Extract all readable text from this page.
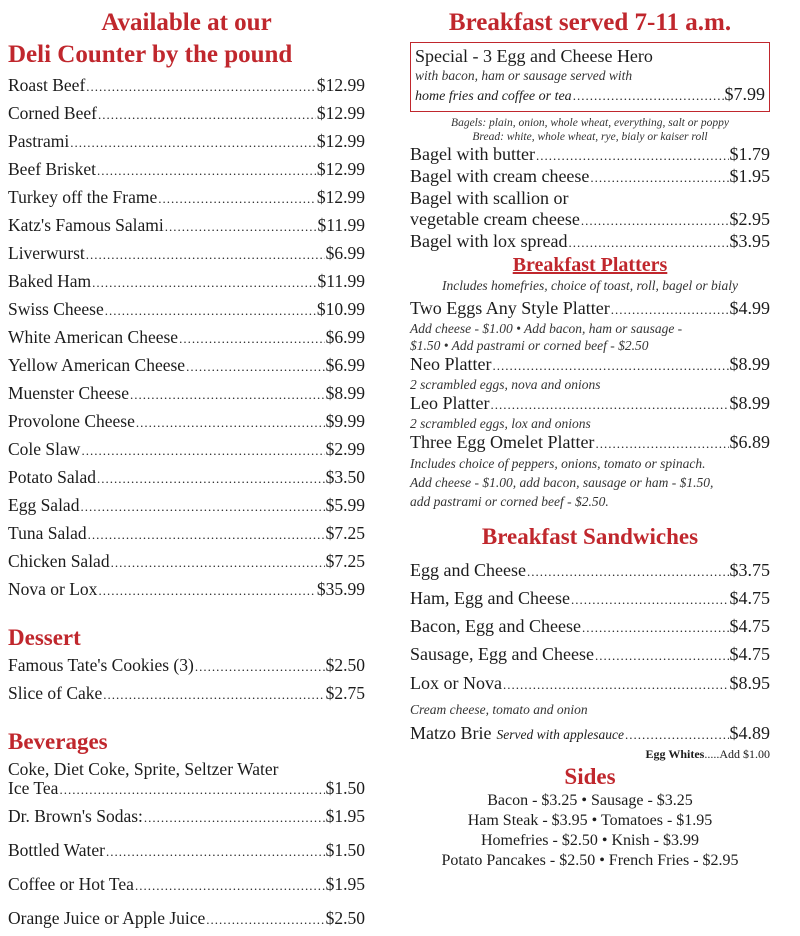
Available at our
Deli Counter by the pound
Roast Beef .....	$12.99
Corned Beef .....	$12.99
Pastrami .....	$12.99
Beef Brisket .....	$12.99
Turkey off the Frame .....	$12.99
Katz's Famous Salami .....	$11.99
Liverwurst .....	$6.99
Baked Ham .....	$11.99
Swiss Cheese .....	$10.99
White American Cheese .....	$6.99
Yellow American Cheese .....	$6.99
Muenster Cheese .....	$8.99
Provolone Cheese .....	$9.99
Cole Slaw .....	$2.99
Potato Salad .....	$3.50
Egg Salad .....	$5.99
Tuna Salad .....	$7.25
Chicken Salad .....	$7.25
Nova or Lox .....	$35.99
Dessert
Famous Tate's Cookies (3) .....	$2.50
Slice of Cake .....	$2.75
Beverages
Coke, Diet Coke, Sprite, Seltzer Water
Ice Tea .....	$1.50
Dr. Brown's Sodas: .....	$1.95
Bottled Water .....	$1.50
Coffee or Hot Tea .....	$1.95
Orange Juice or Apple Juice .....	$2.50
Breakfast served 7-11 a.m.
Special - 3 Egg and Cheese Hero
with bacon, ham or sausage served with
home fries and coffee or tea .....	$7.99
Bagels: plain, onion, whole wheat, everything, salt or poppy
Bread: white, whole wheat, rye, bialy or kaiser roll
Bagel with butter .....	$1.79
Bagel with cream cheese .....	$1.95
Bagel with scallion or
vegetable cream cheese .....	$2.95
Bagel with lox spread .....	$3.95
Breakfast Platters
Includes homefries, choice of toast, roll, bagel or bialy
Two Eggs Any Style Platter .....	$4.99
Add cheese - $1.00 • Add bacon, ham or sausage -
$1.50 • Add pastrami or corned beef - $2.50
Neo Platter .....	$8.99
2 scrambled eggs, nova and onions
Leo Platter .....	$8.99
2 scrambled eggs, lox and onions
Three Egg Omelet Platter .....	$6.89
Includes choice of peppers, onions, tomato or spinach.
Add cheese - $1.00, add bacon, sausage or ham - $1.50,
add pastrami or corned beef - $2.50.
Breakfast Sandwiches
Egg and Cheese .....	$3.75
Ham, Egg and Cheese .....	$4.75
Bacon, Egg and Cheese .....	$4.75
Sausage, Egg and Cheese .....	$4.75
Lox or Nova .....	$8.95
Cream cheese, tomato and onion
Matzo Brie Served with applesauce .....	$4.89
Egg Whites.....Add $1.00
Sides
Bacon - $3.25 • Sausage - $3.25
Ham Steak - $3.95 • Tomatoes - $1.95
Homefries - $2.50 • Knish - $3.99
Potato Pancakes - $2.50 • French Fries - $2.95
